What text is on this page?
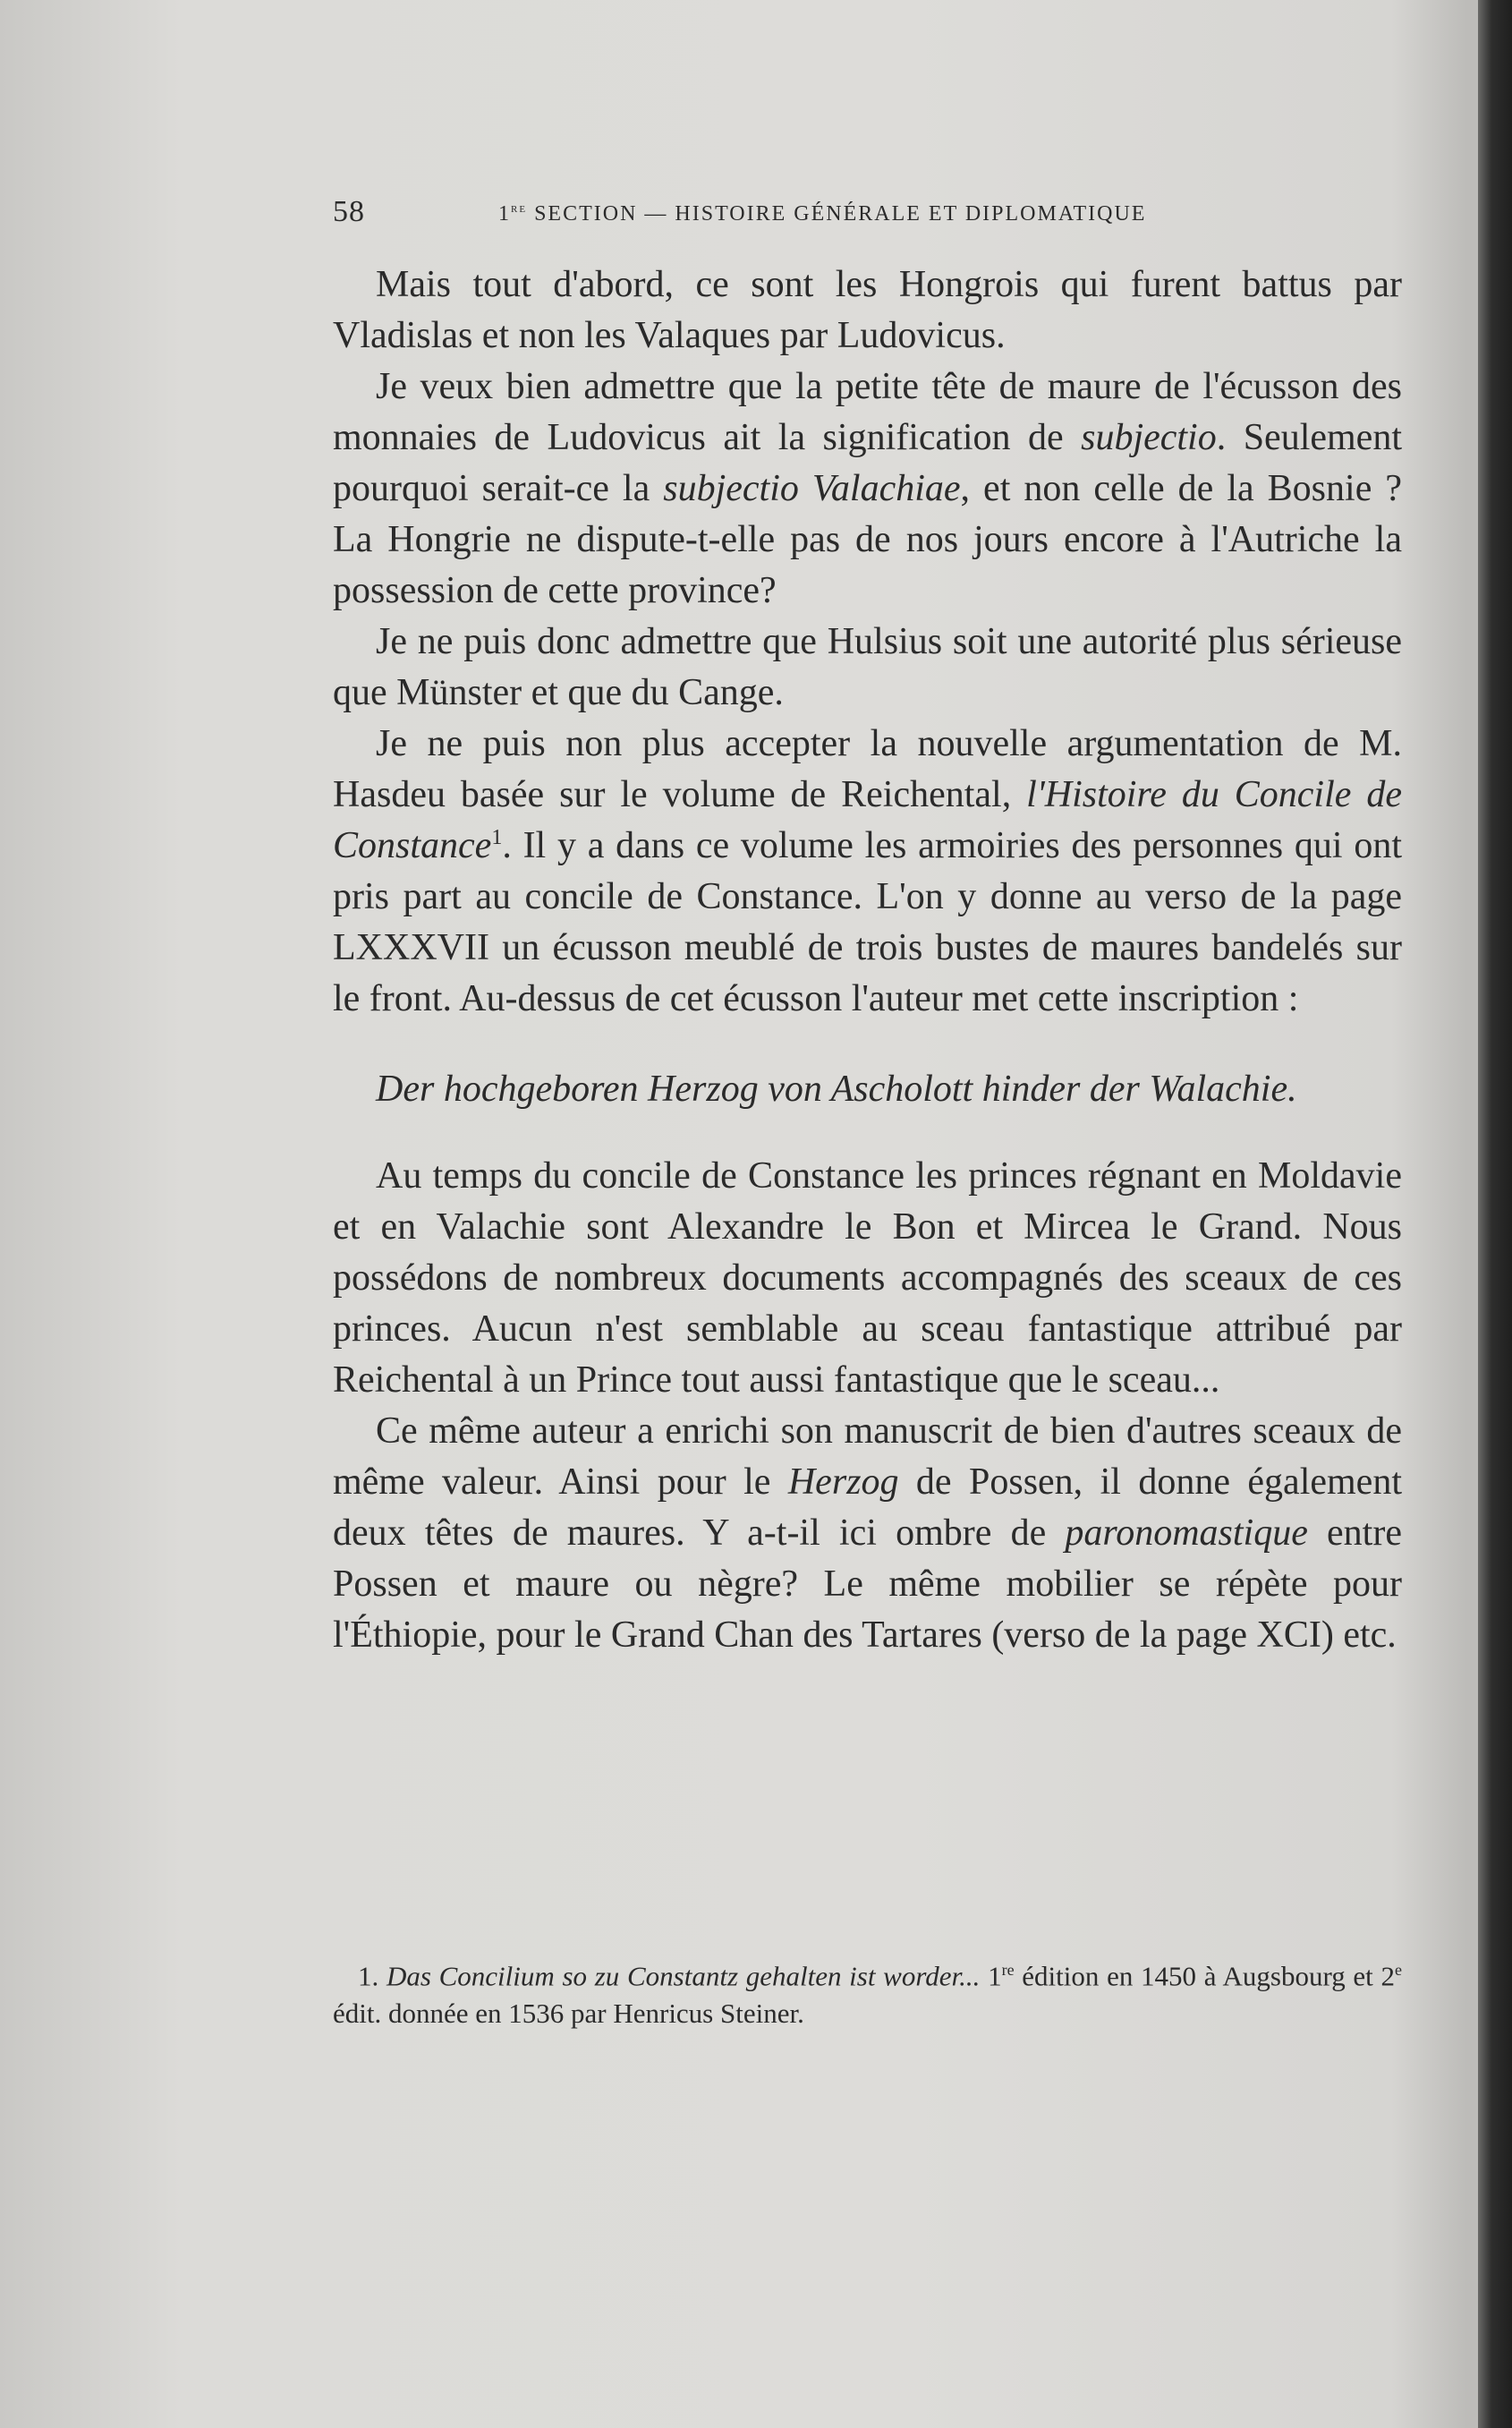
58	1re SECTION — HISTOIRE GÉNÉRALE ET DIPLOMATIQUE

Mais tout d'abord, ce sont les Hongrois qui furent battus par Vladislas et non les Valaques par Ludovicus.

Je veux bien admettre que la petite tête de maure de l'écusson des monnaies de Ludovicus ait la signification de subjectio. Seulement pourquoi serait-ce la subjectio Valachiae, et non celle de la Bosnie ? La Hongrie ne dispute-t-elle pas de nos jours encore à l'Autriche la possession de cette province?

Je ne puis donc admettre que Hulsius soit une autorité plus sérieuse que Münster et que du Cange.

Je ne puis non plus accepter la nouvelle argumentation de M. Hasdeu basée sur le volume de Reichental, l'Histoire du Concile de Constance$^1$. Il y a dans ce volume les armoiries des personnes qui ont pris part au concile de Constance. L'on y donne au verso de la page LXXXVII un écusson meublé de trois bustes de maures bandelés sur le front. Au-dessus de cet écusson l'auteur met cette inscription :

Der hochgeboren Herzog von Ascholott hinder der Walachie.

Au temps du concile de Constance les princes régnant en Moldavie et en Valachie sont Alexandre le Bon et Mircea le Grand. Nous possédons de nombreux documents accompagnés des sceaux de ces princes. Aucun n'est semblable au sceau fantastique attribué par Reichental à un Prince tout aussi fantastique que le sceau...

Ce même auteur a enrichi son manuscrit de bien d'autres sceaux de même valeur. Ainsi pour le Herzog de Possen, il donne également deux têtes de maures. Y a-t-il ici ombre de paronomastique entre Possen et maure ou nègre? Le même mobilier se répète pour l'Éthiopie, pour le Grand Chan des Tartares (verso de la page XCI) etc.

1. Das Concilium so zu Constantz gehalten ist worder... 1re édition en 1450 à Augsbourg et 2e édit. donnée en 1536 par Henricus Steiner.
